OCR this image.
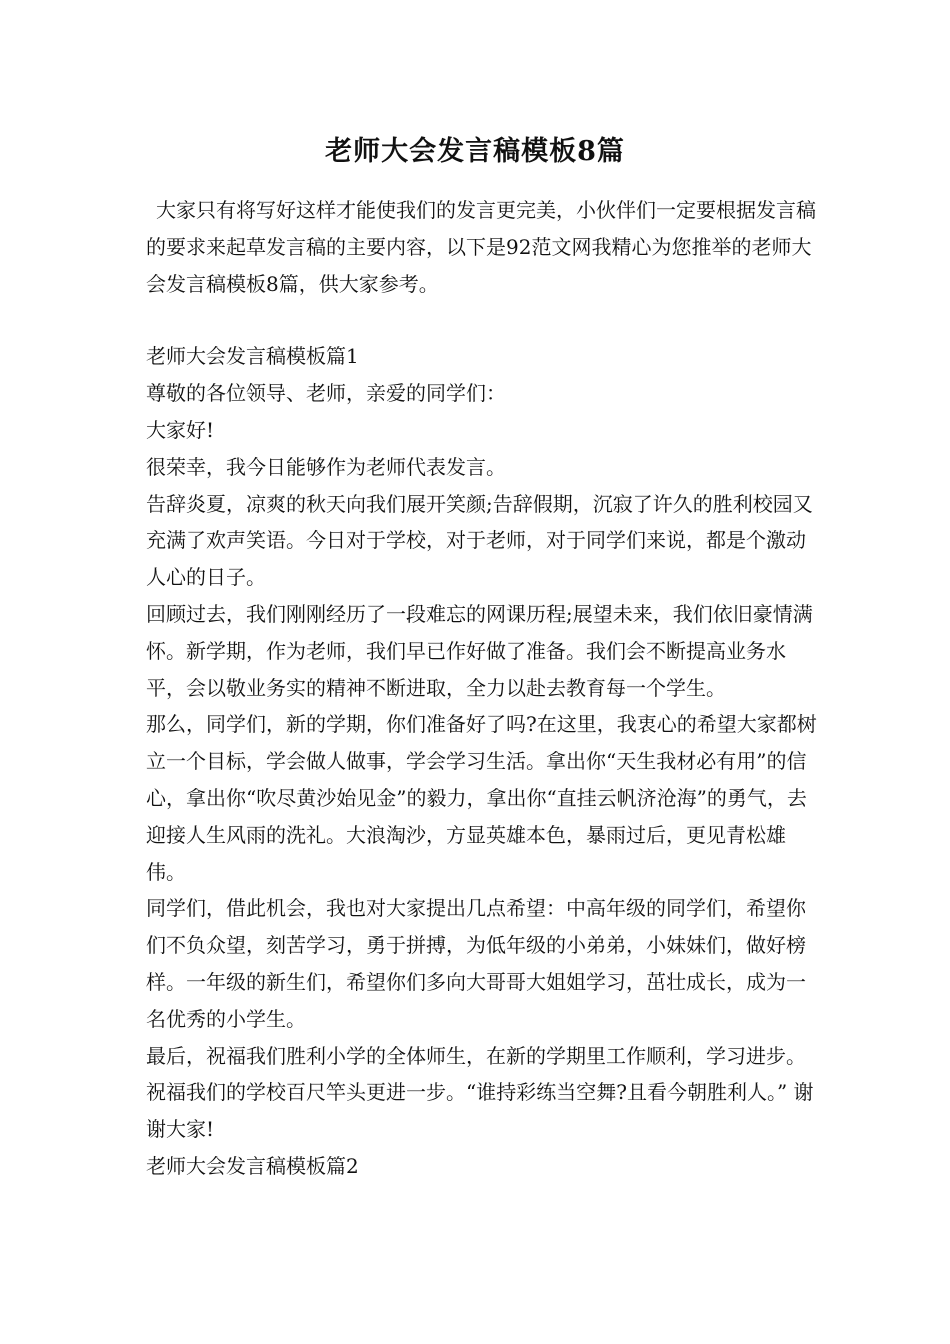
老师大会发言稿模板8篇

大家只有将写好这样才能使我们的发言更完美，小伙伴们一定要根据发言稿的要求来起草发言稿的主要内容，以下是92范文网我精心为您推举的老师大会发言稿模板8篇，供大家参考。

老师大会发言稿模板篇1

尊敬的各位领导、老师，亲爱的同学们：

大家好!

很荣幸，我今日能够作为老师代表发言。

告辞炎夏，凉爽的秋天向我们展开笑颜;告辞假期，沉寂了许久的胜利校园又充满了欢声笑语。今日对于学校，对于老师，对于同学们来说，都是个激动人心的日子。

回顾过去，我们刚刚经历了一段难忘的网课历程;展望未来，我们依旧豪情满怀。新学期，作为老师，我们早已作好做了准备。我们会不断提高业务水平，会以敬业务实的精神不断进取，全力以赴去教育每一个学生。

那么，同学们，新的学期，你们准备好了吗?在这里，我衷心的希望大家都树立一个目标，学会做人做事，学会学习生活。拿出你“天生我材必有用”的信心，拿出你“吹尽黄沙始见金”的毅力，拿出你“直挂云帆济沧海”的勇气，去迎接人生风雨的洗礼。大浪淘沙，方显英雄本色，暴雨过后，更见青松雄伟。

同学们，借此机会，我也对大家提出几点希望：中高年级的同学们，希望你们不负众望，刻苦学习，勇于拼搏，为低年级的小弟弟，小妹妹们，做好榜样。一年级的新生们，希望你们多向大哥哥大姐姐学习，茁壮成长，成为一名优秀的小学生。

最后，祝福我们胜利小学的全体师生，在新的学期里工作顺利，学习进步。祝福我们的学校百尺竿头更进一步。“谁持彩练当空舞?且看今朝胜利人。” 谢谢大家!

老师大会发言稿模板篇2
